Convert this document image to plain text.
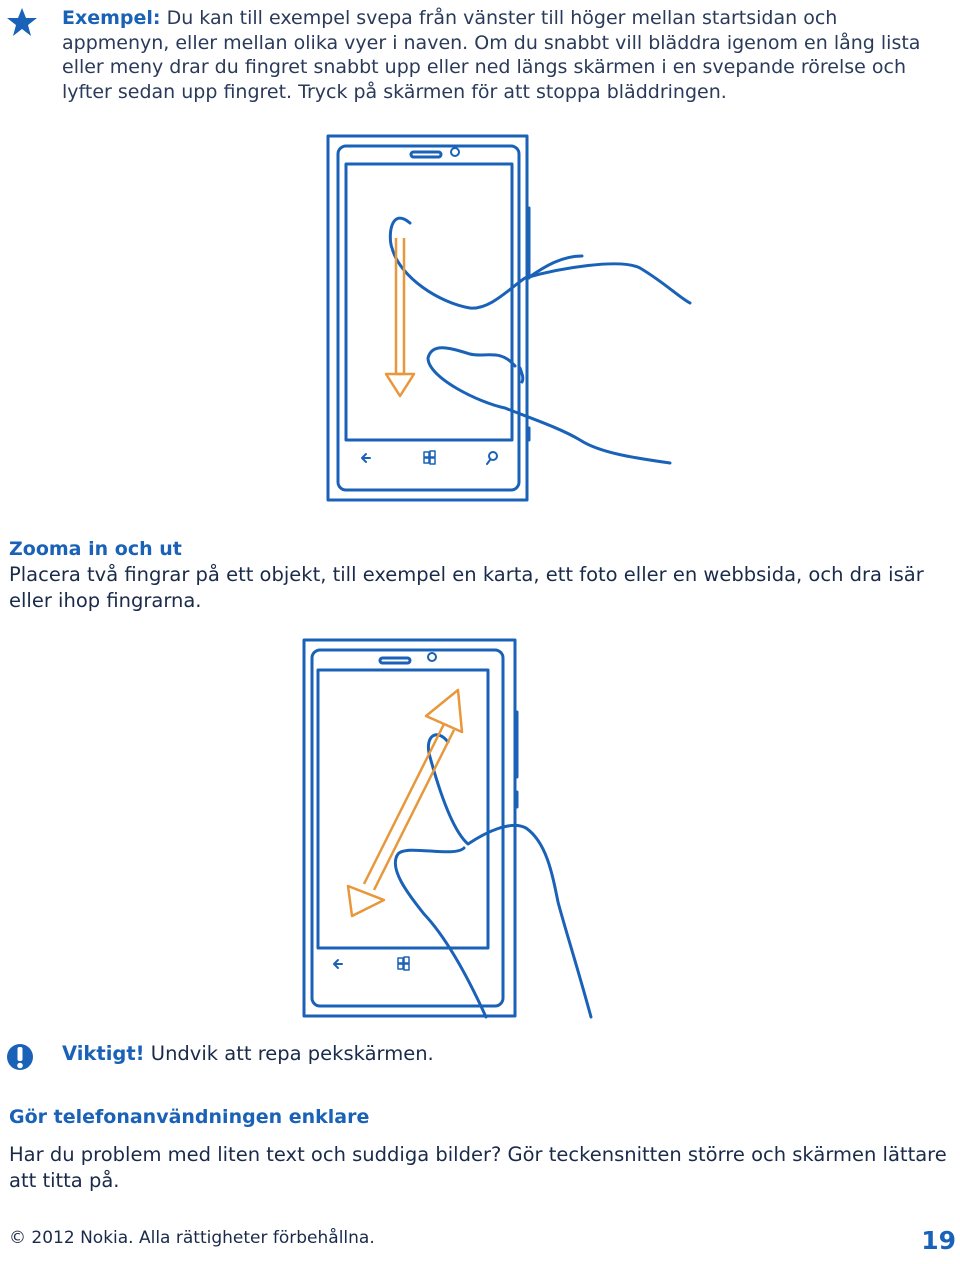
Exempel: Du kan till exempel svepa från vänster till höger mellan startsidan och appmenyn, eller mellan olika vyer i naven. Om du snabbt vill bläddra igenom en lång lista eller meny drar du fingret snabbt upp eller ned längs skärmen i en svepande rörelse och lyfter sedan upp fingret. Tryck på skärmen för att stoppa bläddringen.
Zooma in och ut

Placera två fingrar på ett objekt, till exempel en karta, ett foto eller en webbsida, och dra isär eller ihop fingrarna.

Viktigt! Undvik att repa pekskärmen.
Gör telefonanvändningen enklare

Har du problem med liten text och suddiga bilder? Gör teckensnitten större och skärmen lättare att titta på.

© 2012 Nokia. Alla rättigheter förbehållna.	19
